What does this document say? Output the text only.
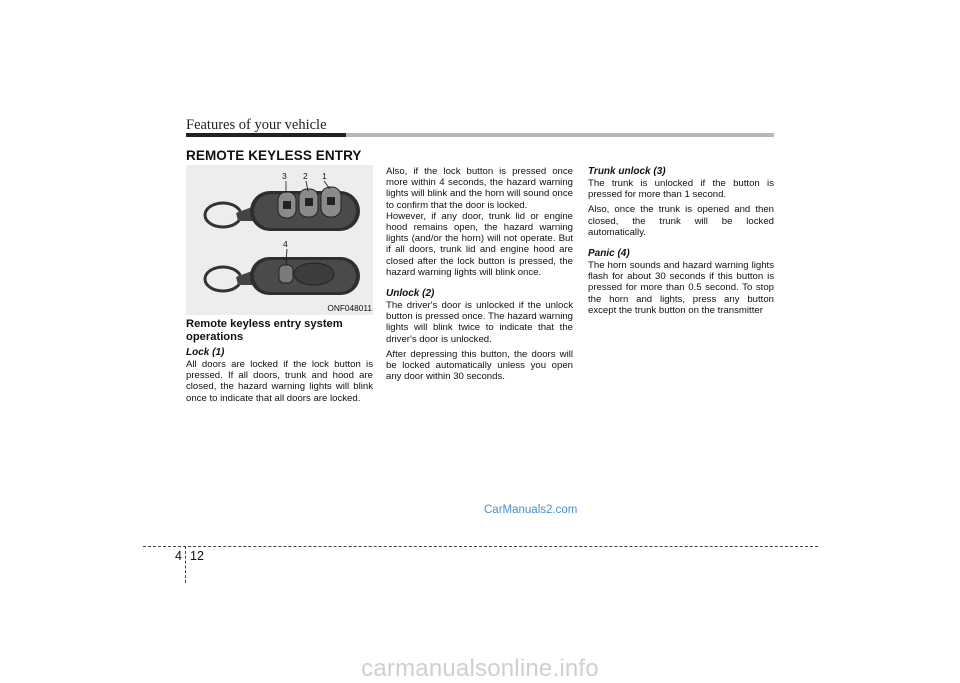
Features of your vehicle
REMOTE KEYLESS ENTRY
3 2 1
4
ONF048011
Remote keyless entry system operations
Lock (1)

All doors are locked if the lock button is pressed. If all doors, trunk and hood are closed, the hazard warning lights will blink once to indicate that all doors are locked.

Also, if the lock button is pressed once more within 4 seconds, the hazard warning lights will blink and the horn will sound once to confirm that the door is locked.

However, if any door, trunk lid or engine hood remains open, the hazard warning lights (and/or the horn) will not operate. But if all doors, trunk lid and engine hood are closed after the lock button is pressed, the hazard warning lights will blink once.

Unlock (2)

The driver's door is unlocked if the unlock button is pressed once. The hazard warning lights will blink twice to indicate that the driver's door is unlocked.

After depressing this button, the doors will be locked automatically unless you open any door within 30 seconds.

Trunk unlock (3)

The trunk is unlocked if the button is pressed for more than 1 second.

Also, once the trunk is opened and then closed, the trunk will be locked automatically.

Panic (4)

The horn sounds and hazard warning lights flash for about 30 seconds if this button is pressed for more than 0.5 second. To stop the horn and lights, press any button except the trunk button on the transmitter

CarManuals2.com
4 12
carmanualsonline.info
